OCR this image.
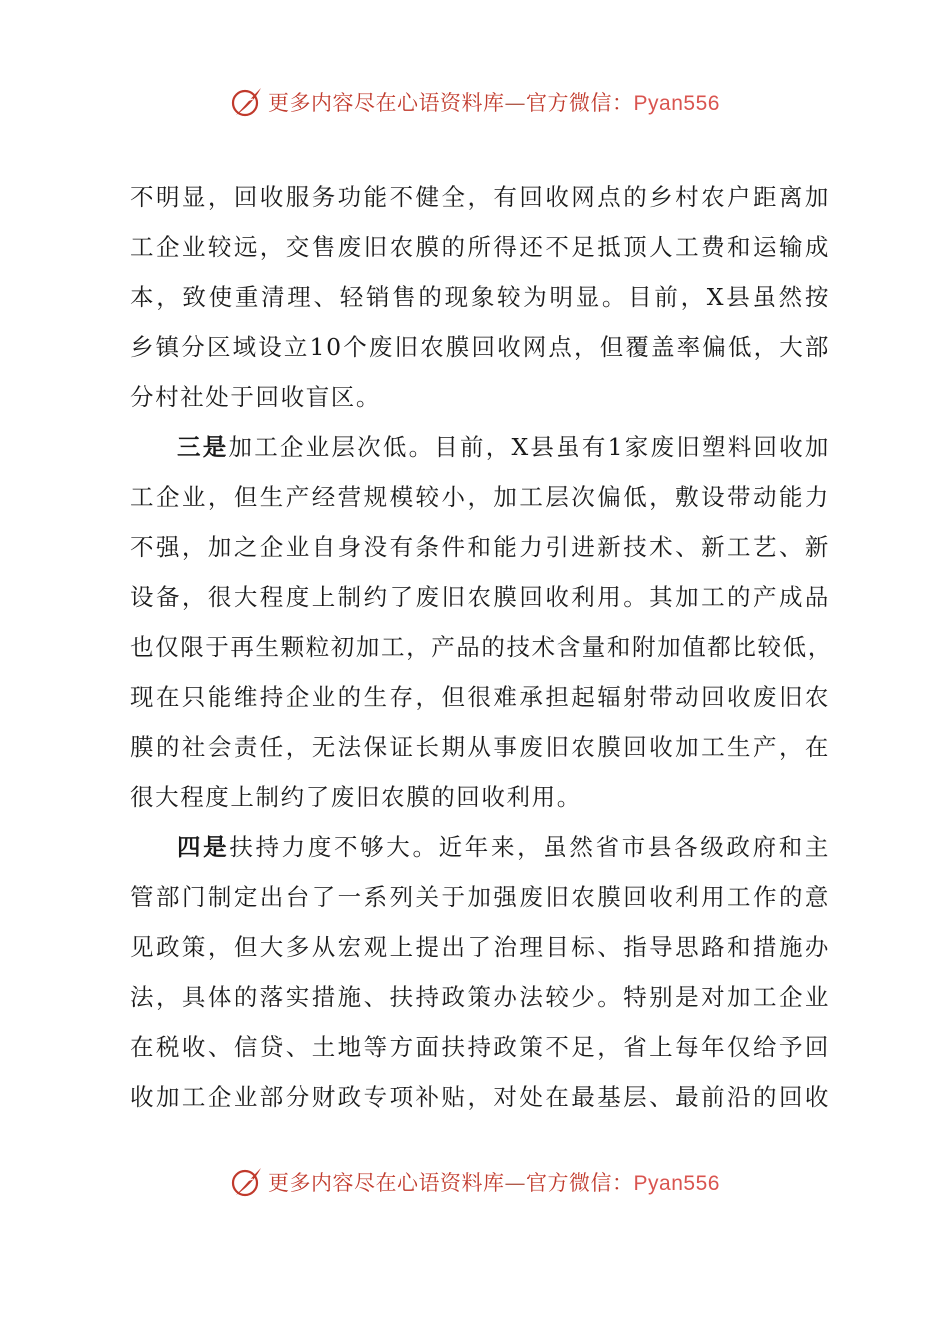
更多内容尽在心语资料库—官方微信：Pyan556

不明显，回收服务功能不健全，有回收网点的乡村农户距离加
工企业较远，交售废旧农膜的所得还不足抵顶人工费和运输成
本，致使重清理、轻销售的现象较为明显。目前，X县虽然按
乡镇分区域设立10个废旧农膜回收网点，但覆盖率偏低，大部
分村社处于回收盲区。

三是加工企业层次低。目前，X县虽有1家废旧塑料回收加
工企业，但生产经营规模较小，加工层次偏低，敷设带动能力
不强，加之企业自身没有条件和能力引进新技术、新工艺、新
设备，很大程度上制约了废旧农膜回收利用。其加工的产成品
也仅限于再生颗粒初加工，产品的技术含量和附加值都比较低，
现在只能维持企业的生存，但很难承担起辐射带动回收废旧农
膜的社会责任，无法保证长期从事废旧农膜回收加工生产，在
很大程度上制约了废旧农膜的回收利用。

四是扶持力度不够大。近年来，虽然省市县各级政府和主
管部门制定出台了一系列关于加强废旧农膜回收利用工作的意
见政策，但大多从宏观上提出了治理目标、指导思路和措施办
法，具体的落实措施、扶持政策办法较少。特别是对加工企业
在税收、信贷、土地等方面扶持政策不足，省上每年仅给予回
收加工企业部分财政专项补贴，对处在最基层、最前沿的回收

更多内容尽在心语资料库—官方微信：Pyan556
